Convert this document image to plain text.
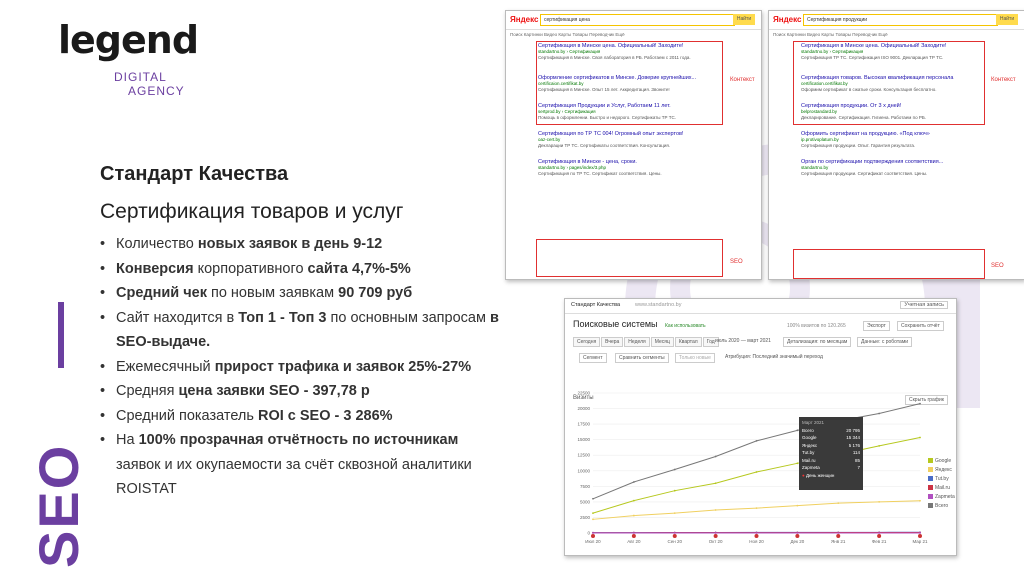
legend
DIGITAL
AGENCY
Стандарт Качества
Сертификация товаров и услуг
• Количество новых заявок в день 9-12
• Конверсия корпоративного сайта 4,7%-5%
• Средний чек по новым заявкам 90 709 руб
• Сайт находится в Топ 1 - Топ 3 по основным запросам в SEO-выдаче.
• Ежемесячный прирост трафика и заявок 25%-27%
• Средняя цена заявки SEO - 397,78 р
• Средний показатель ROI с SEO - 3 286%
• На 100% прозрачная отчётность по источникам заявок и их окупаемости за счёт сквозной аналитики ROISTAT
SEO
Яндекс	сертификация цена	Найти
Поиск Картинки Видео Карты Товары Переводчик Ещё
Сертификация в Минске цена. Официальный! Заходите!
standartno.by › Сертификация
Сертификация в Минске. Своя лаборатория в РБ. Работаем с 2011 года.
Оформление сертификатов в Минске. Доверие крупнейших...
certificaion.certifikat.by
Сертификация в Минске. Опыт 15 лет. Аккредитация. Звоните!
Сертификация Продукции и Услуг, Работаем 11 лет.
sertprod.by › Сертификация
Помощь в оформлении. Быстро и недорого. Сертификаты ТР ТС.
Сертификация по ТР ТС 004! Огромный опыт экспертов!
oaz-cert.by
Декларации ТР ТС. Сертификаты соответствия. Консультация.
Сертификация в Минске - цена, сроки.
standartno.by › pages/index/3.php
Сертификация по ТР ТС. Сертификат соответствия. Цены.
Контекст
SEO
Яндекс	Сертификация продукции	Найти
Поиск Картинки Видео Карты Товары Переводчик Ещё
Сертификация в Минске цена. Официальный! Заходите!
standartno.by › Сертификация
Сертификация ТР ТС. Сертификация ISO 9001. Декларация ТР ТС.
Сертификация товаров. Высокая квалификация персонала
certification.certifikat.by
Оформим сертификат в сжатые сроки. Консультация бесплатно.
Сертификация продукции. От 3 х дней!
belprostandard.by
Декларирование. Сертификация. Гигиена. Работаем по РБ.
Оформить сертификат на продукцию. «Под ключ»
ip.protivoplatum.by
Сертификация продукции. Опыт. Гарантия результата.
Орган по сертификации подтверждения соответствия...
standartno.by
Сертификация продукции. Сертификат соответствия. Цены.
Контекст
SEO
Стандарт Качества	www.standartno.by	Учетная запись
Поисковые системы Как использовать	100% визитов по 120.265	Экспорт	Сохранить отчёт
Сегодня Вчера Неделя Месяц Квартал Год июль 2020 — март 2021	Детализация: по месяцам	Данные: с роботами
Сегмент	Сравнить сегменты	Только новые	Атрибуция: Последний значимый переход
Визиты	Скрыть график
0
2500
5000
7500
10000
12500
15000
17500
20000
22500
Июл 20	Авг 20	Сен 20	Окт 20	Ноя 20	Дек 20	Янв 21	Фев 21	Мар 21
Март 2021
Всего	20 795
Google	15 344
Яндекс	5 176
Tut.by	114
Mail.ru	85
Zapmeta	7
● День женщин
Google
Яндекс
Tut.by
Mail.ru
Zapmeta
Всего
